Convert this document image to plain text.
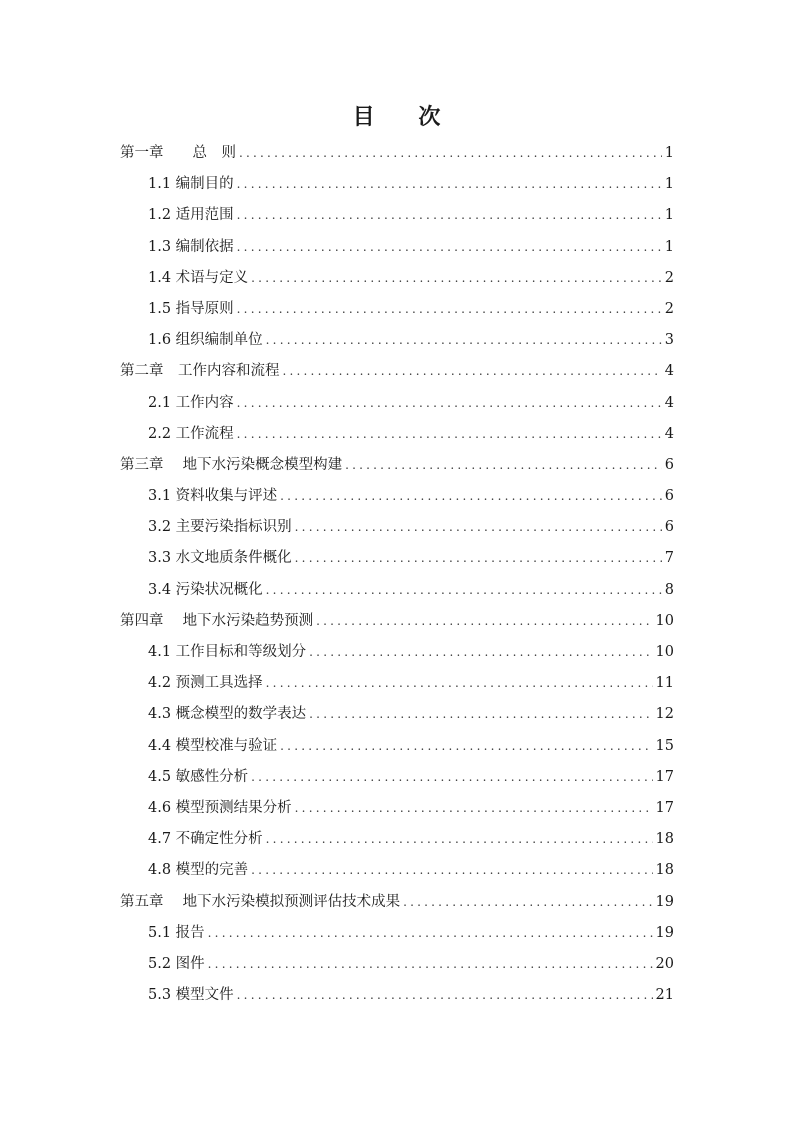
目 次
第一章　　总　则 .....	1
1.1 编制目的 .....	1
1.2 适用范围 .....	1
1.3 编制依据 .....	1
1.4 术语与定义 .....	2
1.5 指导原则 .....	2
1.6 组织编制单位 .....	3
第二章　工作内容和流程 .....	4
2.1 工作内容 .....	4
2.2 工作流程 .....	4
第三章　 地下水污染概念模型构建 .....	6
3.1 资料收集与评述 .....	6
3.2 主要污染指标识别 .....	6
3.3 水文地质条件概化 .....	7
3.4 污染状况概化 .....	8
第四章　 地下水污染趋势预测 .....	10
4.1 工作目标和等级划分 .....	10
4.2 预测工具选择 .....	11
4.3 概念模型的数学表达 .....	12
4.4 模型校准与验证 .....	15
4.5 敏感性分析 .....	17
4.6 模型预测结果分析 .....	17
4.7 不确定性分析 .....	18
4.8 模型的完善 .....	18
第五章　 地下水污染模拟预测评估技术成果 .....	19
5.1 报告 .....	19
5.2 图件 .....	20
5.3 模型文件 .....	21
